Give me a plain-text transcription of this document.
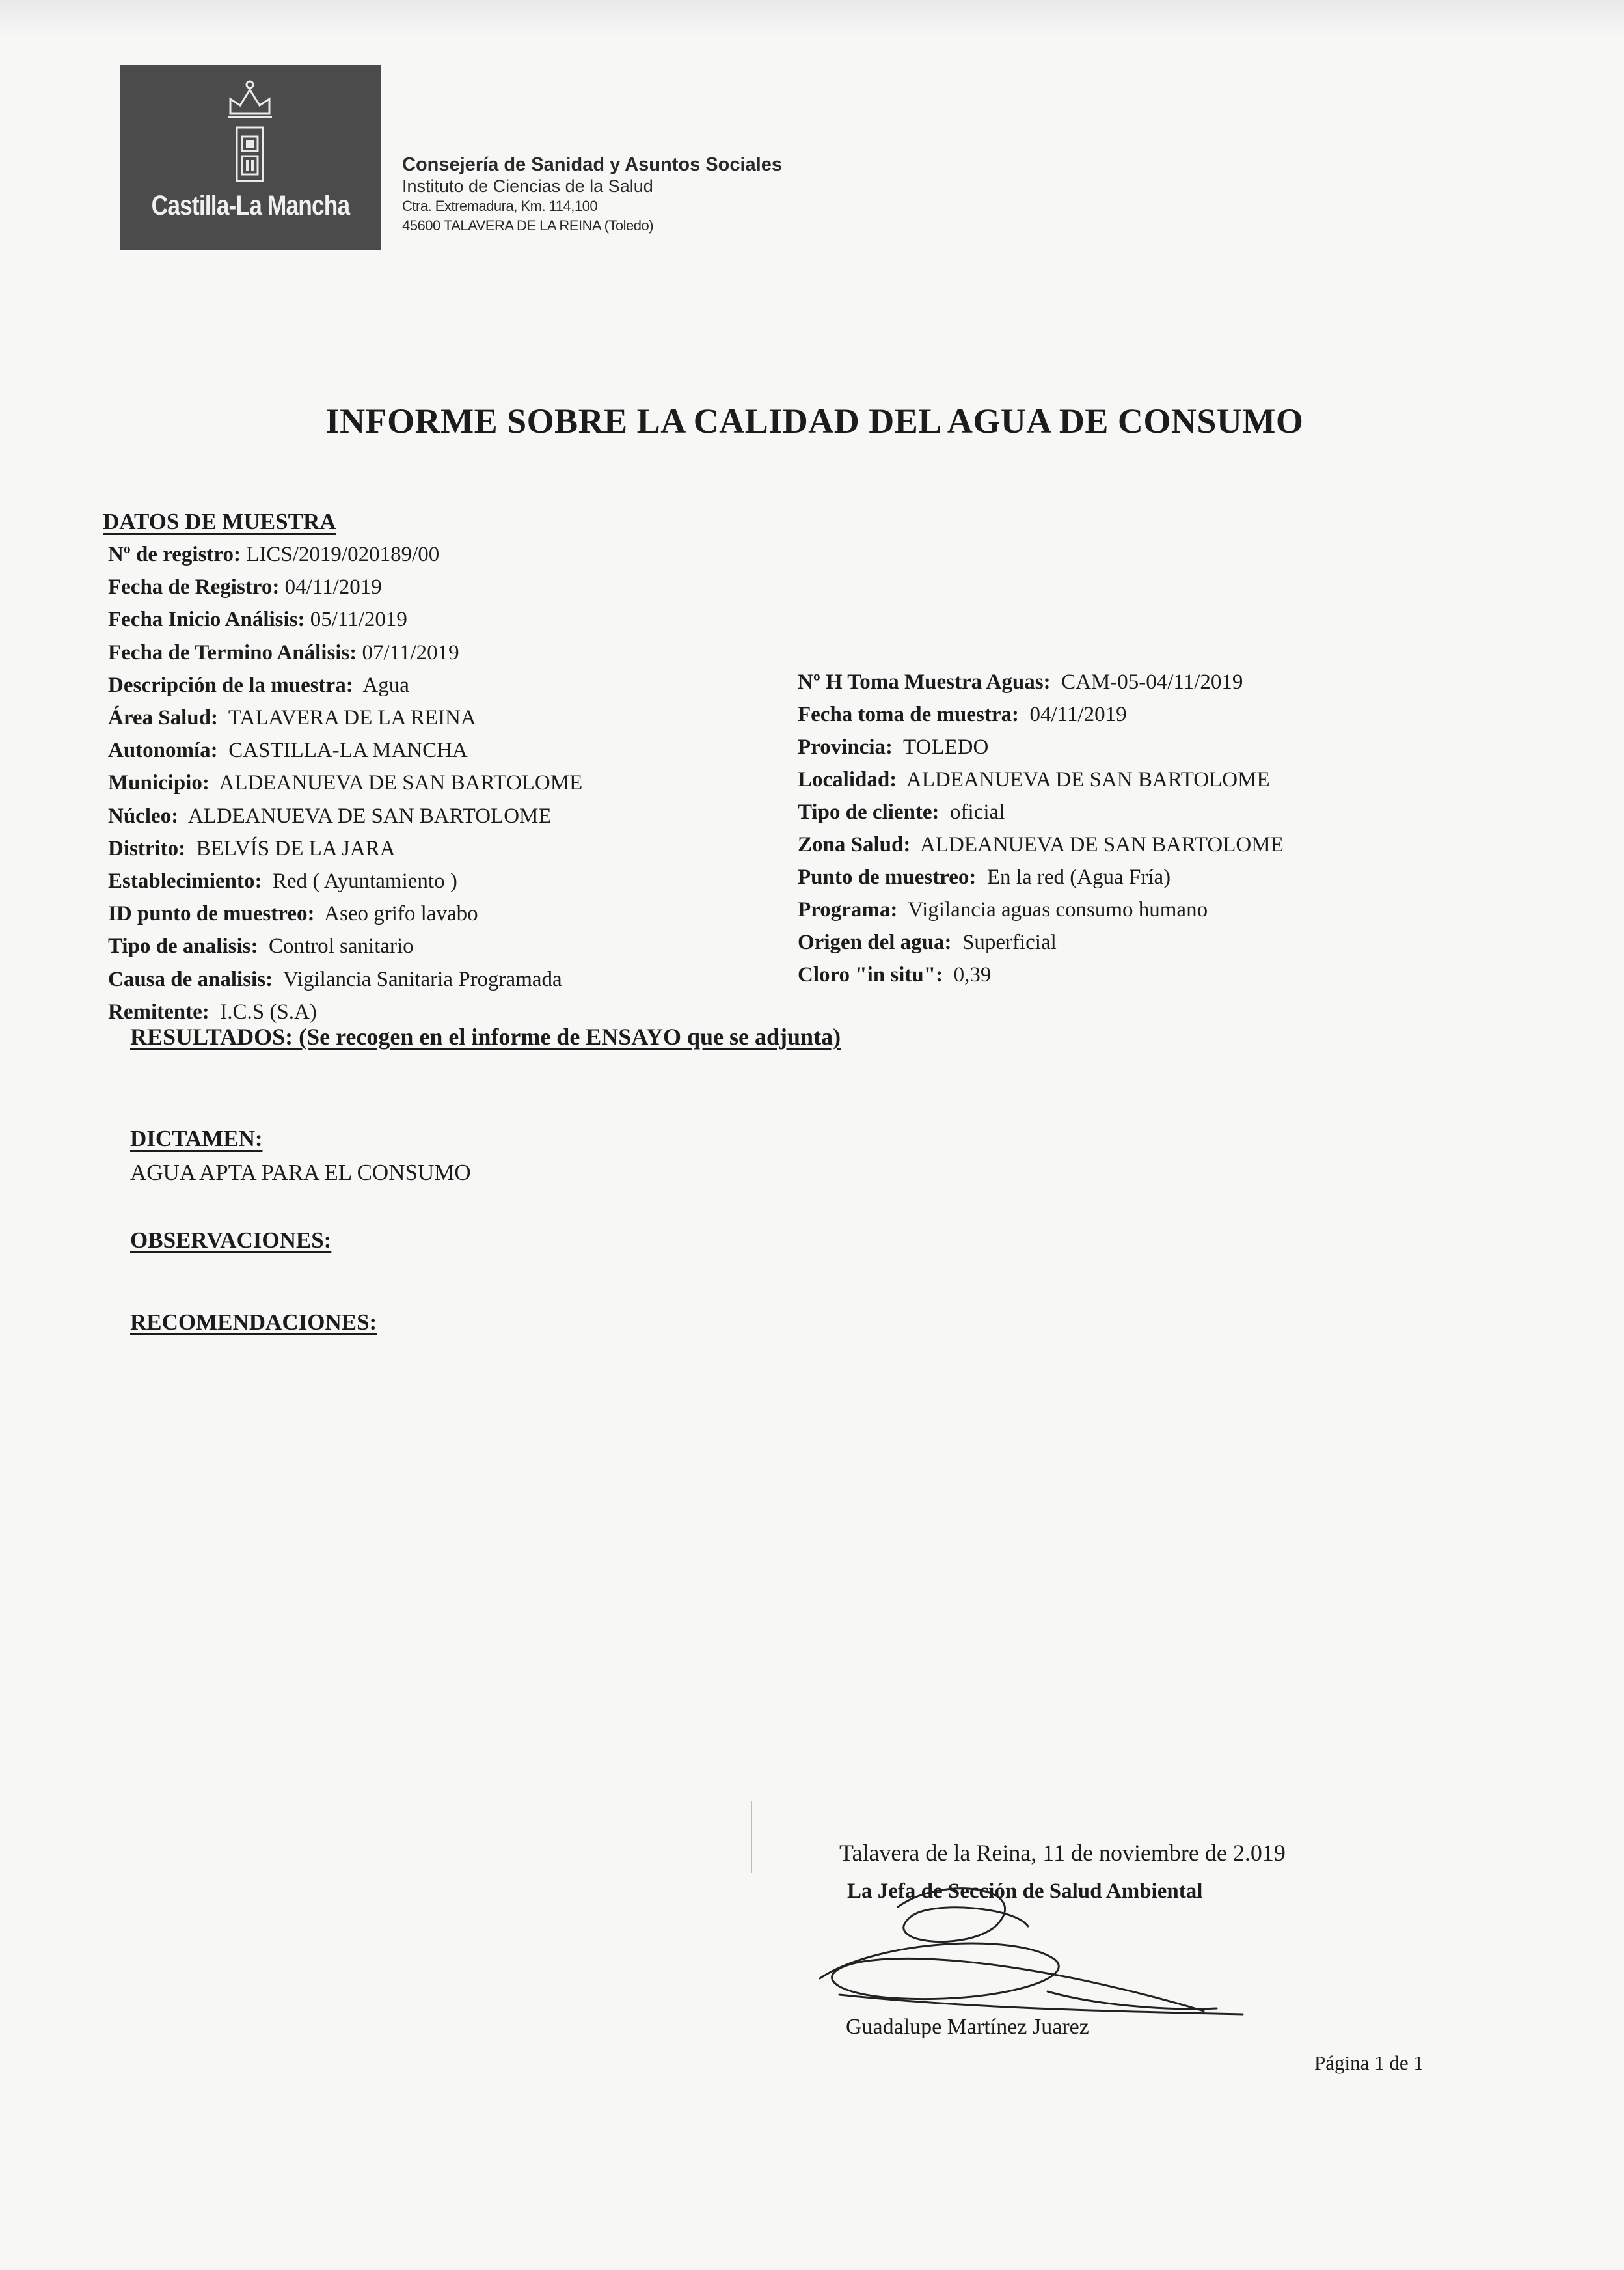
Castilla-La Mancha
Consejería de Sanidad y Asuntos Sociales
Instituto de Ciencias de la Salud
Ctra. Extremadura, Km. 114,100
45600 TALAVERA DE LA REINA (Toledo)
INFORME SOBRE LA CALIDAD DEL AGUA DE CONSUMO
DATOS DE MUESTRA
Nº de registro: LICS/2019/020189/00
Fecha de Registro: 04/11/2019
Fecha Inicio Análisis: 05/11/2019
Fecha de Termino Análisis: 07/11/2019
Descripción de la muestra:  Agua
Área Salud:  TALAVERA DE LA REINA
Autonomía:  CASTILLA-LA MANCHA
Municipio:  ALDEANUEVA DE SAN BARTOLOME
Núcleo:  ALDEANUEVA DE SAN BARTOLOME
Distrito:  BELVÍS DE LA JARA
Establecimiento:  Red ( Ayuntamiento )
ID punto de muestreo:  Aseo grifo lavabo
Tipo de analisis:  Control sanitario
Causa de analisis:  Vigilancia Sanitaria Programada
Remitente:  I.C.S (S.A)
Nº H Toma Muestra Aguas:  CAM-05-04/11/2019
Fecha toma de muestra:  04/11/2019
Provincia:  TOLEDO
Localidad:  ALDEANUEVA DE SAN BARTOLOME
Tipo de cliente:  oficial
Zona Salud:  ALDEANUEVA DE SAN BARTOLOME
Punto de muestreo:  En la red (Agua Fría)
Programa:  Vigilancia aguas consumo humano
Origen del agua:  Superficial
Cloro "in situ":  0,39
RESULTADOS: (Se recogen en el informe de ENSAYO que se adjunta)
DICTAMEN:
AGUA APTA PARA EL CONSUMO
OBSERVACIONES:
RECOMENDACIONES:
Talavera de la Reina, 11 de noviembre de 2.019
La Jefa de Sección de Salud Ambiental
Guadalupe Martínez Juarez
Página 1 de 1
